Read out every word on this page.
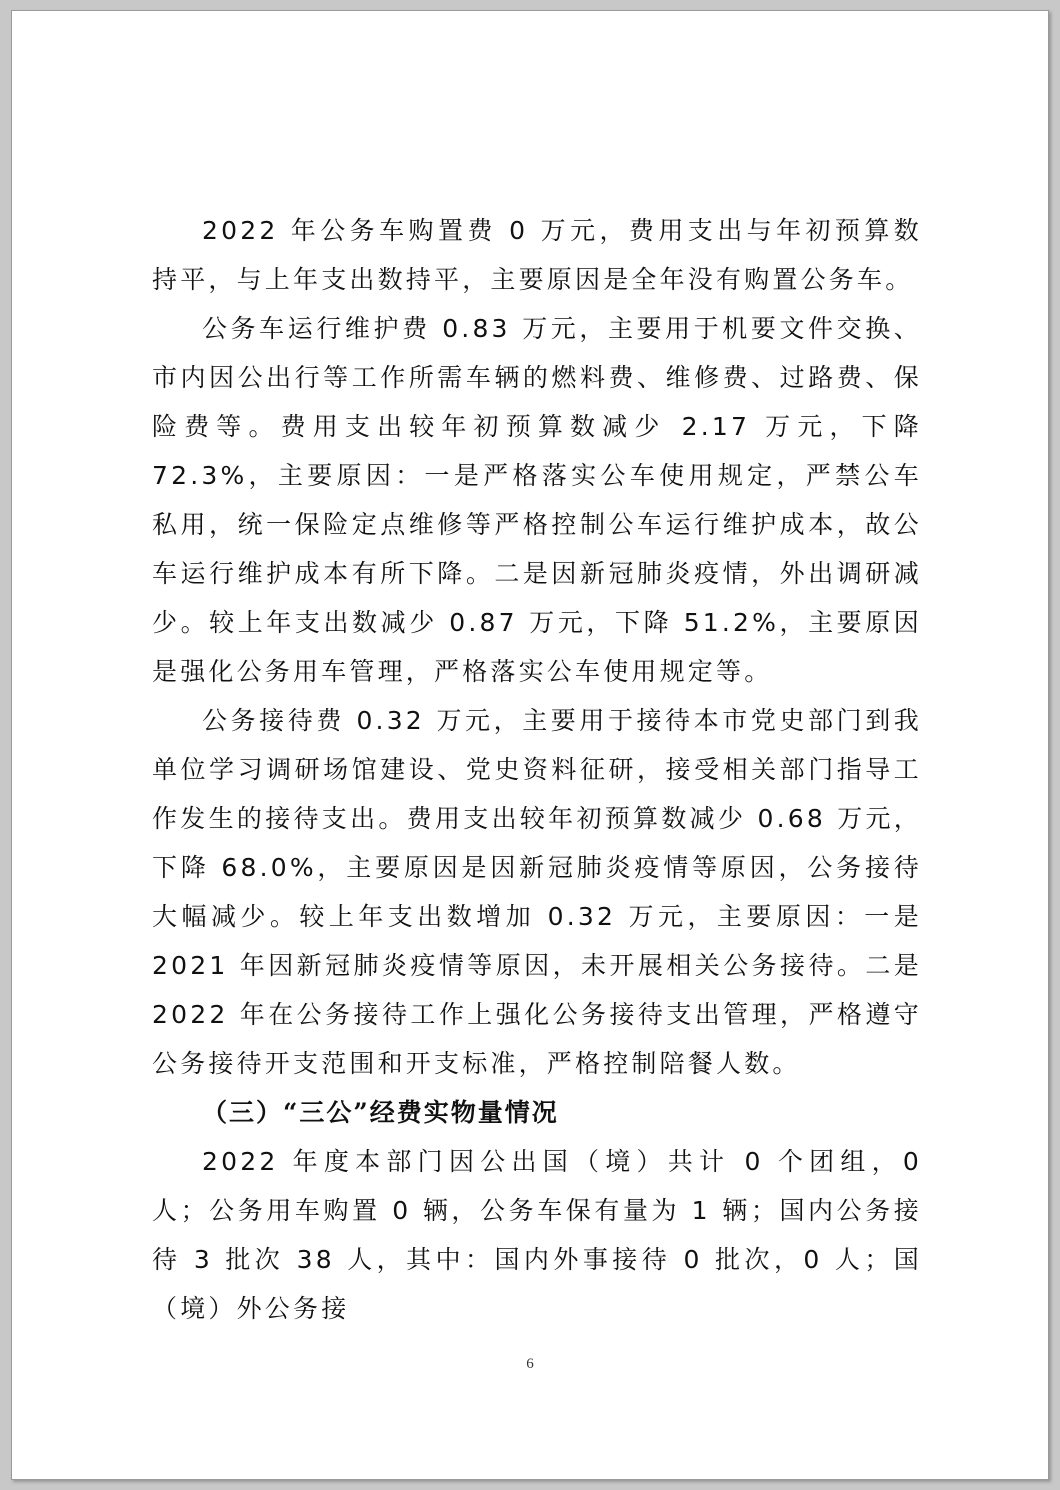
2022 年公务车购置费 0 万元，费用支出与年初预算数持平，与上年支出数持平，主要原因是全年没有购置公务车。

公务车运行维护费 0.83 万元，主要用于机要文件交换、市内因公出行等工作所需车辆的燃料费、维修费、过路费、保险费等。费用支出较年初预算数减少 2.17 万元，下降 72.3%，主要原因：一是严格落实公车使用规定，严禁公车私用，统一保险定点维修等严格控制公车运行维护成本，故公车运行维护成本有所下降。二是因新冠肺炎疫情，外出调研减少。较上年支出数减少 0.87 万元，下降 51.2%，主要原因是强化公务用车管理，严格落实公车使用规定等。

公务接待费 0.32 万元，主要用于接待本市党史部门到我单位学习调研场馆建设、党史资料征研，接受相关部门指导工作发生的接待支出。费用支出较年初预算数减少 0.68 万元，下降 68.0%，主要原因是因新冠肺炎疫情等原因，公务接待大幅减少。较上年支出数增加 0.32 万元，主要原因：一是 2021 年因新冠肺炎疫情等原因，未开展相关公务接待。二是 2022 年在公务接待工作上强化公务接待支出管理，严格遵守公务接待开支范围和开支标准，严格控制陪餐人数。

（三）“三公”经费实物量情况

2022 年度本部门因公出国（境）共计 0 个团组，0 人；公务用车购置 0 辆，公务车保有量为 1 辆；国内公务接待 3 批次 38 人，其中：国内外事接待 0 批次，0 人；国（境）外公务接

6
